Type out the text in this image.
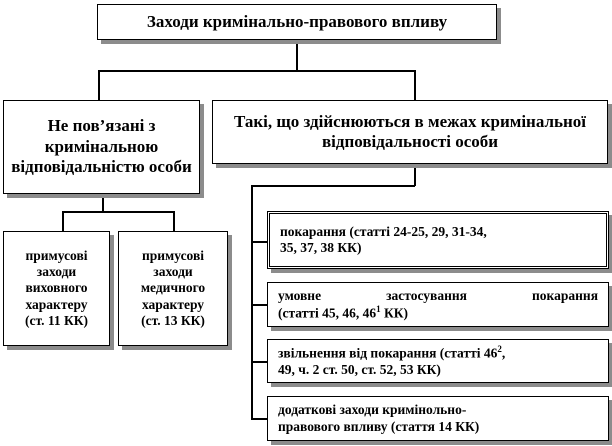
Заходи кримінально-правового впливу
Не пов’язані з кримінальною відповідальністю особи
Такі, що здійснюються в межах кримінальної відповідальності особи
примусові
заходи
виховного
характеру
(ст. 11 КК)
примусові
заходи
медичного
характеру
(ст. 13 КК)
покарання (статті 24-25, 29, 31-34,
35, 37, 38 КК)
умовне застосування покарання
(статті 45, 46, $46^1$ КК)
звільнення від покарання (статті $46^2$,
49, ч. 2 ст. 50, ст. 52, 53 КК)
додаткові заходи кримінольно-
правового впливу (стаття 14 КК)
